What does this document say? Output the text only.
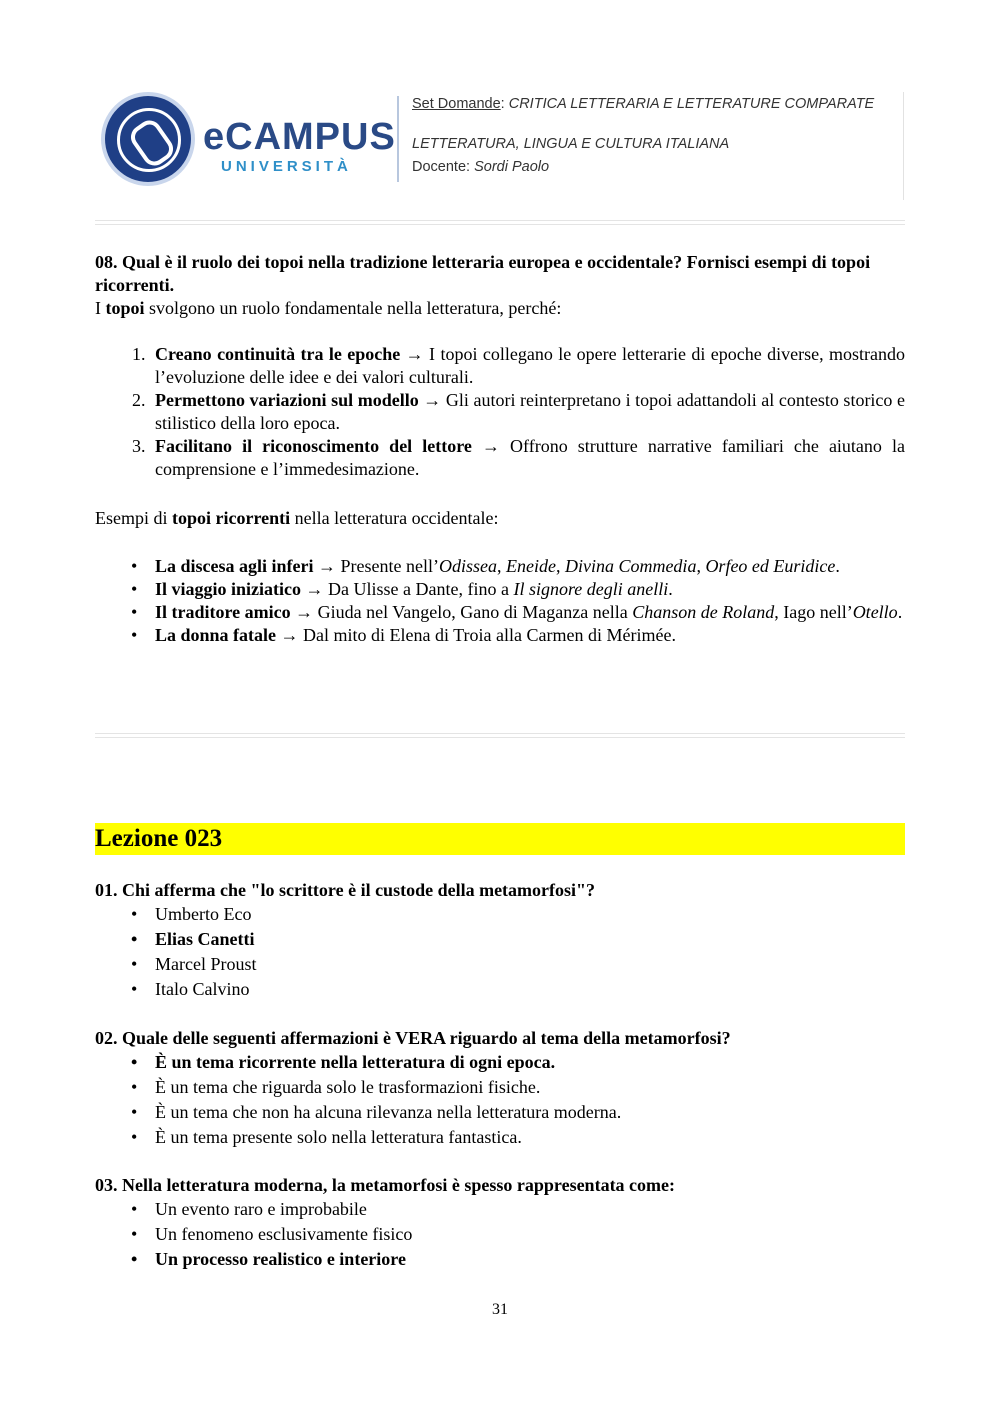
eCAMPUS
UNIVERSITÀ
Set Domande: CRITICA LETTERARIA E LETTERATURE COMPARATE
LETTERATURA, LINGUA E CULTURA ITALIANA
Docente: Sordi Paolo

08. Qual è il ruolo dei topoi nella tradizione letteraria europea e occidentale? Fornisci esempi di topoi ricorrenti.

I topoi svolgono un ruolo fondamentale nella letteratura, perché:

1. Creano continuità tra le epoche → I topoi collegano le opere letterarie di epoche diverse, mostrando l’evoluzione delle idee e dei valori culturali.
2. Permettono variazioni sul modello → Gli autori reinterpretano i topoi adattandoli al contesto storico e stilistico della loro epoca.
3. Facilitano il riconoscimento del lettore → Offrono strutture narrative familiari che aiutano la comprensione e l’immedesimazione.

Esempi di topoi ricorrenti nella letteratura occidentale:

• La discesa agli inferi → Presente nell’Odissea, Eneide, Divina Commedia, Orfeo ed Euridice.
• Il viaggio iniziatico → Da Ulisse a Dante, fino a Il signore degli anelli.
• Il traditore amico → Giuda nel Vangelo, Gano di Maganza nella Chanson de Roland, Iago nell’Otello.
• La donna fatale → Dal mito di Elena di Troia alla Carmen di Mérimée.
Lezione 023

01. Chi afferma che "lo scrittore è il custode della metamorfosi"?

• Umberto Eco
• Elias Canetti
• Marcel Proust
• Italo Calvino

02. Quale delle seguenti affermazioni è VERA riguardo al tema della metamorfosi?

• È un tema ricorrente nella letteratura di ogni epoca.
• È un tema che riguarda solo le trasformazioni fisiche.
• È un tema che non ha alcuna rilevanza nella letteratura moderna.
• È un tema presente solo nella letteratura fantastica.

03. Nella letteratura moderna, la metamorfosi è spesso rappresentata come:

• Un evento raro e improbabile
• Un fenomeno esclusivamente fisico
• Un processo realistico e interiore
31
